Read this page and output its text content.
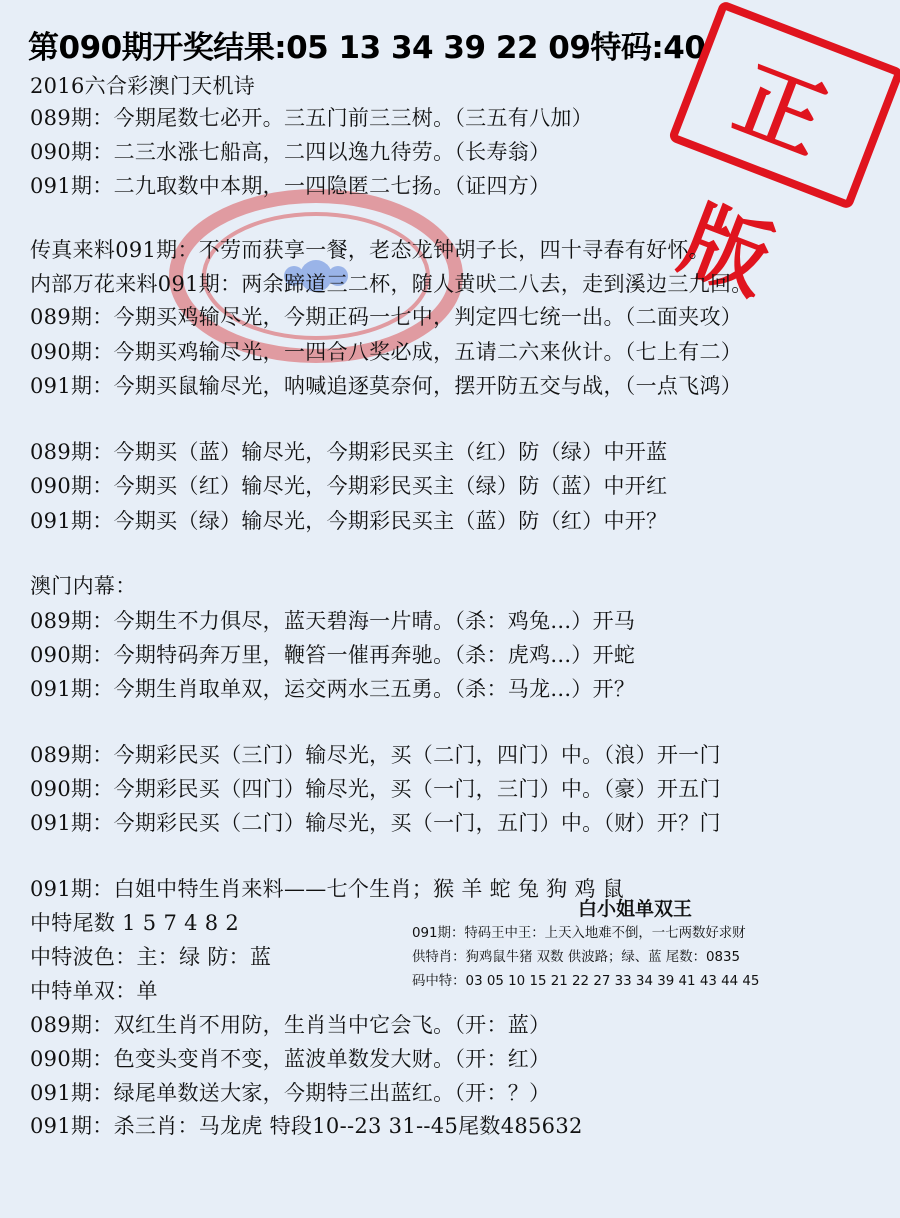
第090期开奖结果:05 13 34 39 22 09特码:40
正版
2016六合彩澳门天机诗
089期：今期尾数七必开。三五门前三三树。（三五有八加）
090期：二三水涨七船高，二四以逸九待劳。（长寿翁）
091期：二九取数中本期，一四隐匿二七扬。（证四方）
传真来料091期：不劳而获享一餐，老态龙钟胡子长，四十寻春有好怀。
内部万花来料091期：两余蹄道三二杯，随人黄吠二八去，走到溪边三九回。
089期：今期买鸡输尽光，今期正码一七中，判定四七统一出。（二面夹攻）
090期：今期买鸡输尽光，一四合八奖必成，五请二六来伙计。（七上有二）
091期：今期买鼠输尽光，呐喊追逐莫奈何，摆开防五交与战，（一点飞鸿）
089期：今期买（蓝）输尽光，今期彩民买主（红）防（绿）中开蓝
090期：今期买（红）输尽光，今期彩民买主（绿）防（蓝）中开红
091期：今期买（绿）输尽光，今期彩民买主（蓝）防（红）中开？
澳门内幕：
089期：今期生不力俱尽，蓝天碧海一片晴。（杀：鸡兔...）开马
090期：今期特码奔万里，鞭笞一催再奔驰。（杀：虎鸡...）开蛇
091期：今期生肖取单双，运交两水三五勇。（杀：马龙...）开？
089期：今期彩民买（三门）输尽光，买（二门，四门）中。（浪）开一门
090期：今期彩民买（四门）输尽光，买（一门，三门）中。（豪）开五门
091期：今期彩民买（二门）输尽光，买（一门，五门）中。（财）开？门
091期：白姐中特生肖来料——七个生肖；猴 羊 蛇 兔 狗 鸡 鼠
中特尾数 1 5 7 4 8 2
中特波色：主：绿 防：蓝
中特单双：单
089期：双红生肖不用防，生肖当中它会飞。（开：蓝）
090期：色变头变肖不变，蓝波单数发大财。（开：红）
091期：绿尾单数送大家，今期特三出蓝红。（开：？）
091期：杀三肖：马龙虎 特段10--23 31--45尾数485632
白小姐单双王
091期：特码王中王：上天入地难不倒，一七两数好求财
供特肖：狗鸡鼠牛猪 双数 供波路；绿、蓝 尾数：0835
码中特：03 05 10 15 21 22 27 33 34 39 41 43 44 45
